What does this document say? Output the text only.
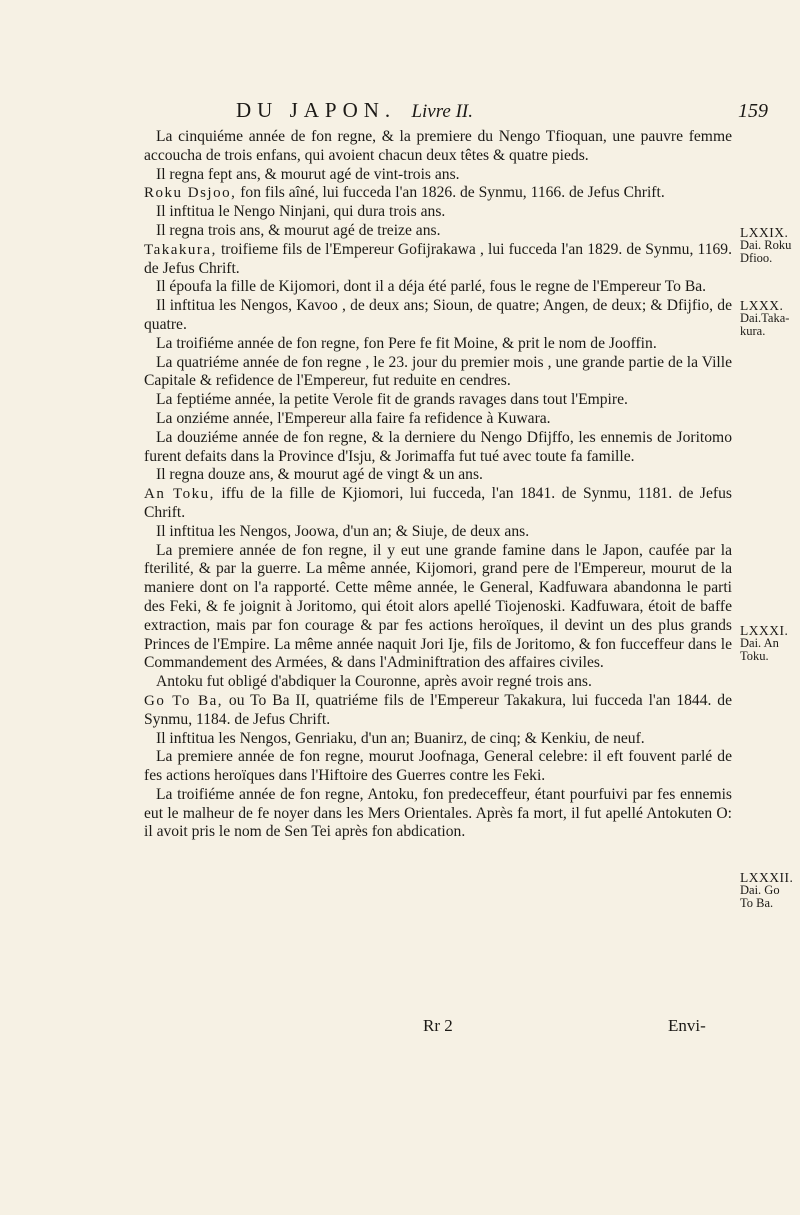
DU JAPON. Livre II.	159

La cinquiéme année de fon regne, & la premiere du Nengo Tfioquan, une pauvre femme accoucha de trois enfans, qui avoient chacun deux têtes & quatre pieds.

Il regna fept ans, & mourut agé de vint-trois ans.

Roku Dsjoo, fon fils aîné, lui fucceda l'an 1826. de Synmu, 1166. de Jefus Chrift.

Il inftitua le Nengo Ninjani, qui dura trois ans.

Il regna trois ans, & mourut agé de treize ans.

Takakura, troifieme fils de l'Empereur Gofijrakawa , lui fucceda l'an 1829. de Synmu, 1169. de Jefus Chrift.

Il époufa la fille de Kijomori, dont il a déja été parlé, fous le regne de l'Empereur To Ba.

Il inftitua les Nengos, Kavoo , de deux ans; Sioun, de quatre; Angen, de deux; & Dfijfio, de quatre.

La troifiéme année de fon regne, fon Pere fe fit Moine, & prit le nom de Jooffin.

La quatriéme année de fon regne , le 23. jour du premier mois , une grande partie de la Ville Capitale & refidence de l'Empereur, fut reduite en cendres.

La feptiéme année, la petite Verole fit de grands ravages dans tout l'Empire.

La onziéme année, l'Empereur alla faire fa refidence à Kuwara.

La douziéme année de fon regne, & la derniere du Nengo Dfijffo, les ennemis de Joritomo furent defaits dans la Province d'Isju, & Jorimaffa fut tué avec toute fa famille.

Il regna douze ans, & mourut agé de vingt & un ans.

An Toku, iffu de la fille de Kjiomori, lui fucceda, l'an 1841. de Synmu, 1181. de Jefus Chrift.

Il inftitua les Nengos, Joowa, d'un an; & Siuje, de deux ans.

La premiere année de fon regne, il y eut une grande famine dans le Japon, caufée par la fterilité, & par la guerre. La même année, Kijomori, grand pere de l'Empereur, mourut de la maniere dont on l'a rapporté. Cette même année, le General, Kadfuwara abandonna le parti des Feki, & fe joignit à Joritomo, qui étoit alors apellé Tiojenoski. Kadfuwara, étoit de baffe extraction, mais par fon courage & par fes actions heroïques, il devint un des plus grands Princes de l'Empire. La même année naquit Jori Ije, fils de Joritomo, & fon fucceffeur dans le Commandement des Armées, & dans l'Adminiftration des affaires civiles.

Antoku fut obligé d'abdiquer la Couronne, après avoir regné trois ans.

Go To Ba, ou To Ba II, quatriéme fils de l'Empereur Takakura, lui fucceda l'an 1844. de Synmu, 1184. de Jefus Chrift.

Il inftitua les Nengos, Genriaku, d'un an; Buanirz, de cinq; & Kenkiu, de neuf.

La premiere année de fon regne, mourut Joofnaga, General celebre: il eft fouvent parlé de fes actions heroïques dans l'Hiftoire des Guerres contre les Feki.

La troifiéme année de fon regne, Antoku, fon predeceffeur, étant pourfuivi par fes ennemis eut le malheur de fe noyer dans les Mers Orientales. Après fa mort, il fut apellé Antokuten O: il avoit pris le nom de Sen Tei après fon abdication.

LXXIX.
Dai. Roku
Dfioo.
LXXX.
Dai.Taka-
kura.
LXXXI.
Dai. An
Toku.
LXXXII.
Dai. Go
To Ba.
Rr 2	Envi-
